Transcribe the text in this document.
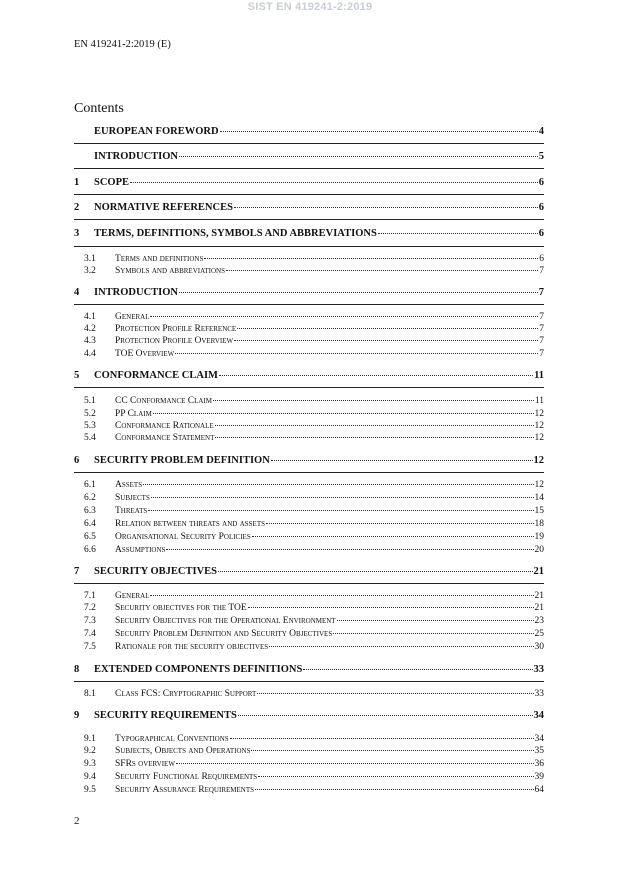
SIST EN 419241-2:2019
EN 419241-2:2019 (E)
Contents
EUROPEAN FOREWORD	4
INTRODUCTION	5
1	SCOPE	6
2	NORMATIVE REFERENCES	6
3	TERMS, DEFINITIONS, SYMBOLS AND ABBREVIATIONS	6
3.1	Terms and definitions	6
3.2	Symbols and abbreviations	7
4	INTRODUCTION	7
4.1	General	7
4.2	Protection Profile Reference	7
4.3	Protection Profile Overview	7
4.4	TOE Overview	7
5	CONFORMANCE CLAIM	11
5.1	CC Conformance Claim	11
5.2	PP Claim	12
5.3	Conformance Rationale	12
5.4	Conformance Statement	12
6	SECURITY PROBLEM DEFINITION	12
6.1	Assets	12
6.2	Subjects	14
6.3	Threats	15
6.4	Relation between threats and assets	18
6.5	Organisational Security Policies	19
6.6	Assumptions	20
7	SECURITY OBJECTIVES	21
7.1	General	21
7.2	Security objectives for the TOE	21
7.3	Security Objectives for the Operational Environment	23
7.4	Security Problem Definition and Security Objectives	25
7.5	Rationale for the security objectives	30
8	EXTENDED COMPONENTS DEFINITIONS	33
8.1	Class FCS: Cryptographic Support	33
9	SECURITY REQUIREMENTS	34
9.1	Typographical Conventions	34
9.2	Subjects, Objects and Operations	35
9.3	SFRs overview	36
9.4	Security Functional Requirements	39
9.5	Security Assurance Requirements	64
2
